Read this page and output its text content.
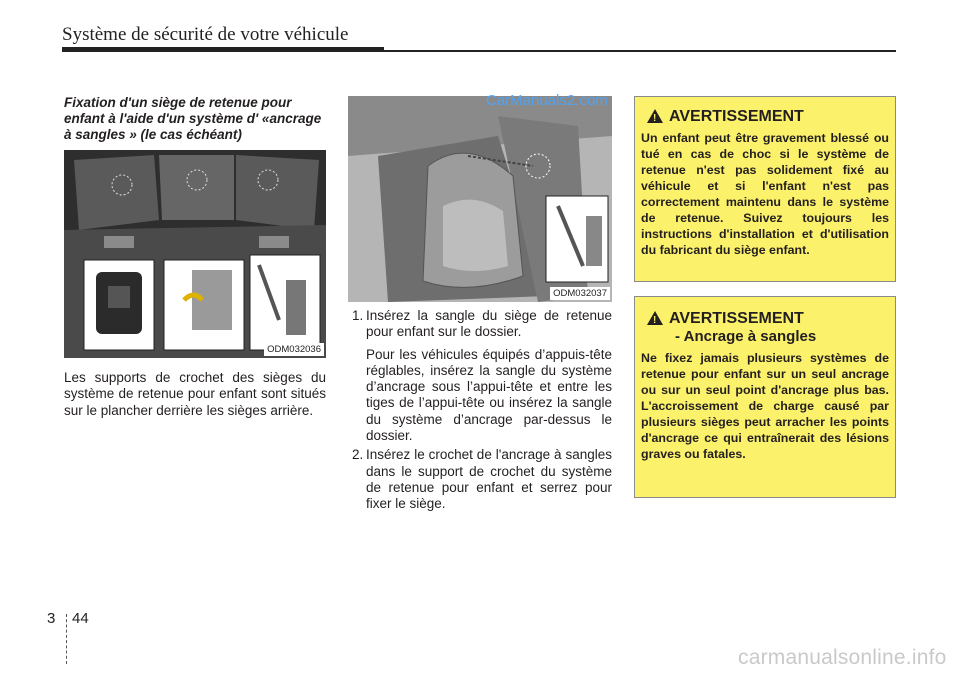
Système de sécurité de votre véhicule
Fixation d'un siège de retenue pour enfant à l'aide d'un système d' «ancrage à sangles » (le cas échéant)
ODM032036
Les supports de crochet des sièges du système de retenue pour enfant sont situés sur le plancher derrière les sièges arrière.
ODM032037
1. Insérez la sangle du siège de retenue pour enfant sur le dossier.
Pour les véhicules équipés d’appuis-tête réglables, insérez la sangle du système d’ancrage sous l’appui-tête et entre les tiges de l’appui-tête ou insérez la sangle du système d’ancrage par-dessus le dossier.
2. Insérez le crochet de l'ancrage à sangles dans le support de crochet du système de retenue pour enfant et serrez pour fixer le siège.
CarManuals2.com
! AVERTISSEMENT
Un enfant peut être gravement blessé ou tué en cas de choc si le système de retenue n'est pas solidement fixé au véhicule et si l'enfant n'est pas correctement maintenu dans le système de retenue. Suivez toujours les instructions d'installation et d'utilisation du fabricant du siège enfant.
! AVERTISSEMENT
- Ancrage à sangles
Ne fixez jamais plusieurs systèmes de retenue pour enfant sur un seul ancrage ou sur un seul point d'ancrage plus bas. L'accroissement de charge causé par plusieurs sièges peut arracher les points d'ancrage ce qui entraînerait des lésions graves ou fatales.
3 44
carmanualsonline.info
